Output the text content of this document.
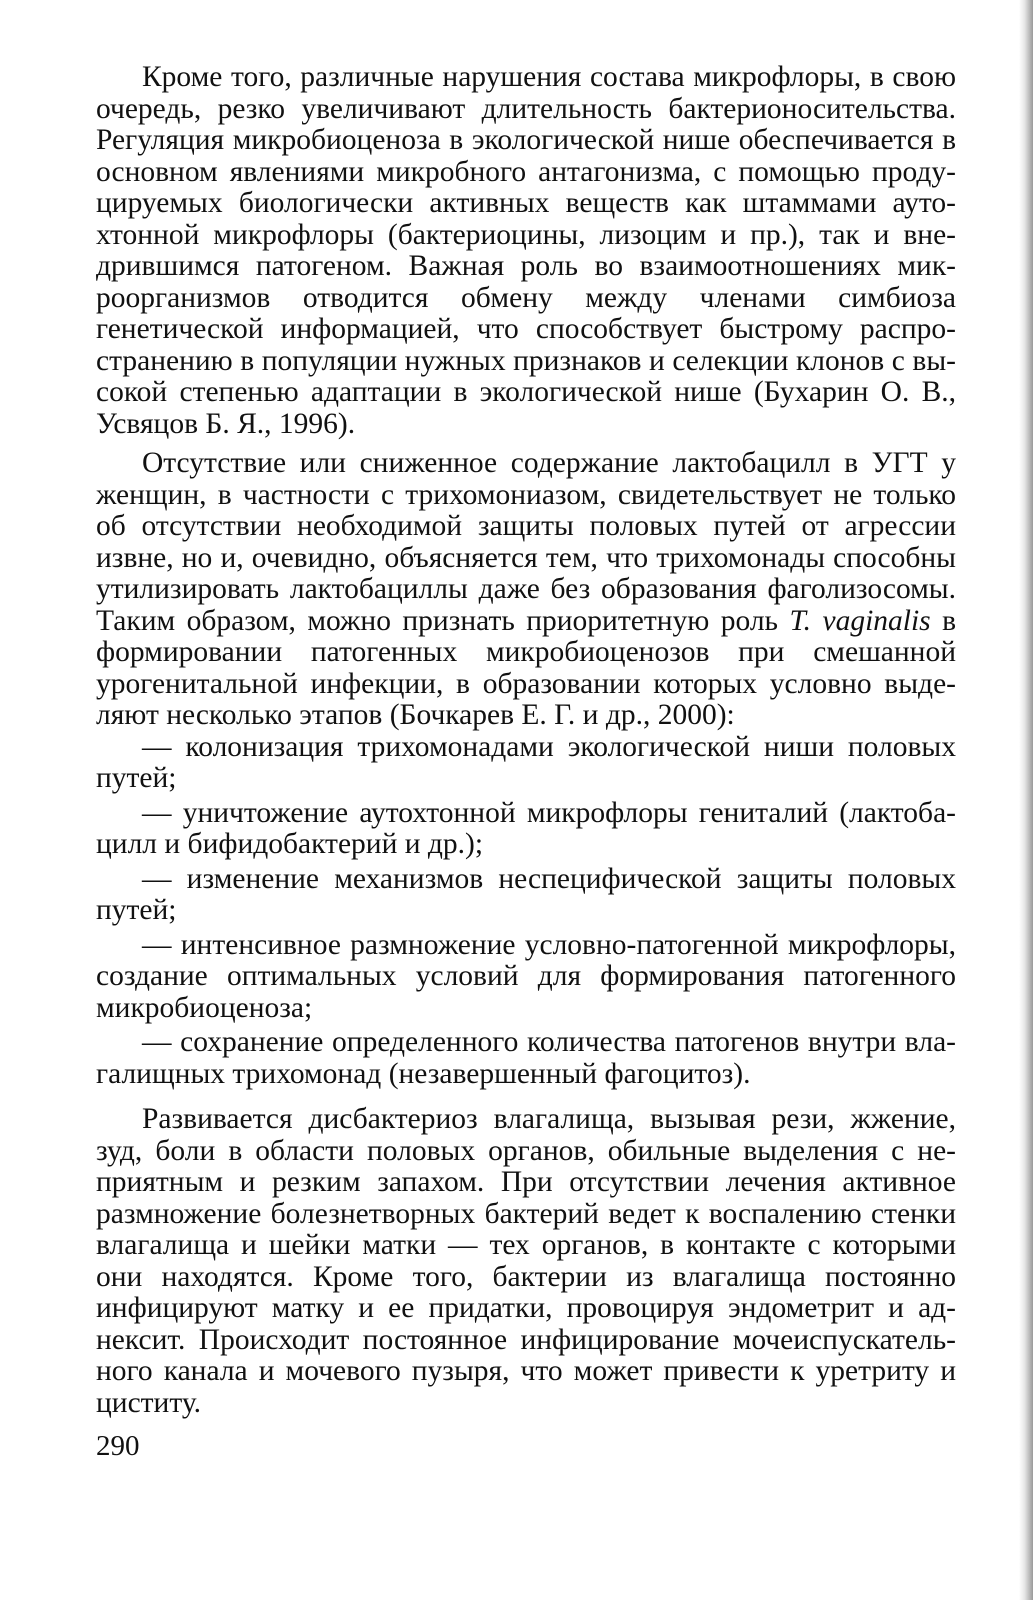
Кроме того, различные нарушения состава микрофлоры, в свою очередь, резко увеличивают длительность бактерионосительства. Регуляция микробиоценоза в экологической нише обеспечивается в основном явлениями микробного антагонизма, с помощью продуцируемых биологически активных веществ как штаммами аутохтонной микрофлоры (бактериоцины, лизоцим и пр.), так и внедрившимся патогеном. Важная роль во взаимоотношениях микроорганизмов отводится обмену между членами симбиоза генетической информацией, что способствует быстрому распространению в популяции нужных признаков и селекции клонов с высокой степенью адаптации в экологической нише (Бухарин О. В., Усвяцов Б. Я., 1996).

Отсутствие или сниженное содержание лактобацилл в УГТ у женщин, в частности с трихомониазом, свидетельствует не только об отсутствии необходимой защиты половых путей от агрессии извне, но и, очевидно, объясняется тем, что трихомонады способны утилизировать лактобациллы даже без образования фаголизосомы. Таким образом, можно признать приоритетную роль T. vaginalis в формировании патогенных микробиоценозов при смешанной урогенитальной инфекции, в образовании которых условно выделяют несколько этапов (Бочкарев Е. Г. и др., 2000):

— колонизация трихомонадами экологической ниши половых путей;
— уничтожение аутохтонной микрофлоры гениталий (лактобацилл и бифидобактерий и др.);
— изменение механизмов неспецифической защиты половых путей;
— интенсивное размножение условно-патогенной микрофлоры, создание оптимальных условий для формирования патогенного микробиоценоза;
— сохранение определенного количества патогенов внутри влагалищных трихомонад (незавершенный фагоцитоз).

Развивается дисбактериоз влагалища, вызывая рези, жжение, зуд, боли в области половых органов, обильные выделения с неприятным и резким запахом. При отсутствии лечения активное размножение болезнетворных бактерий ведет к воспалению стенки влагалища и шейки матки — тех органов, в контакте с которыми они находятся. Кроме того, бактерии из влагалища постоянно инфицируют матку и ее придатки, провоцируя эндометрит и аднексит. Происходит постоянное инфицирование мочеиспускательного канала и мочевого пузыря, что может привести к уретриту и циститу.

290
